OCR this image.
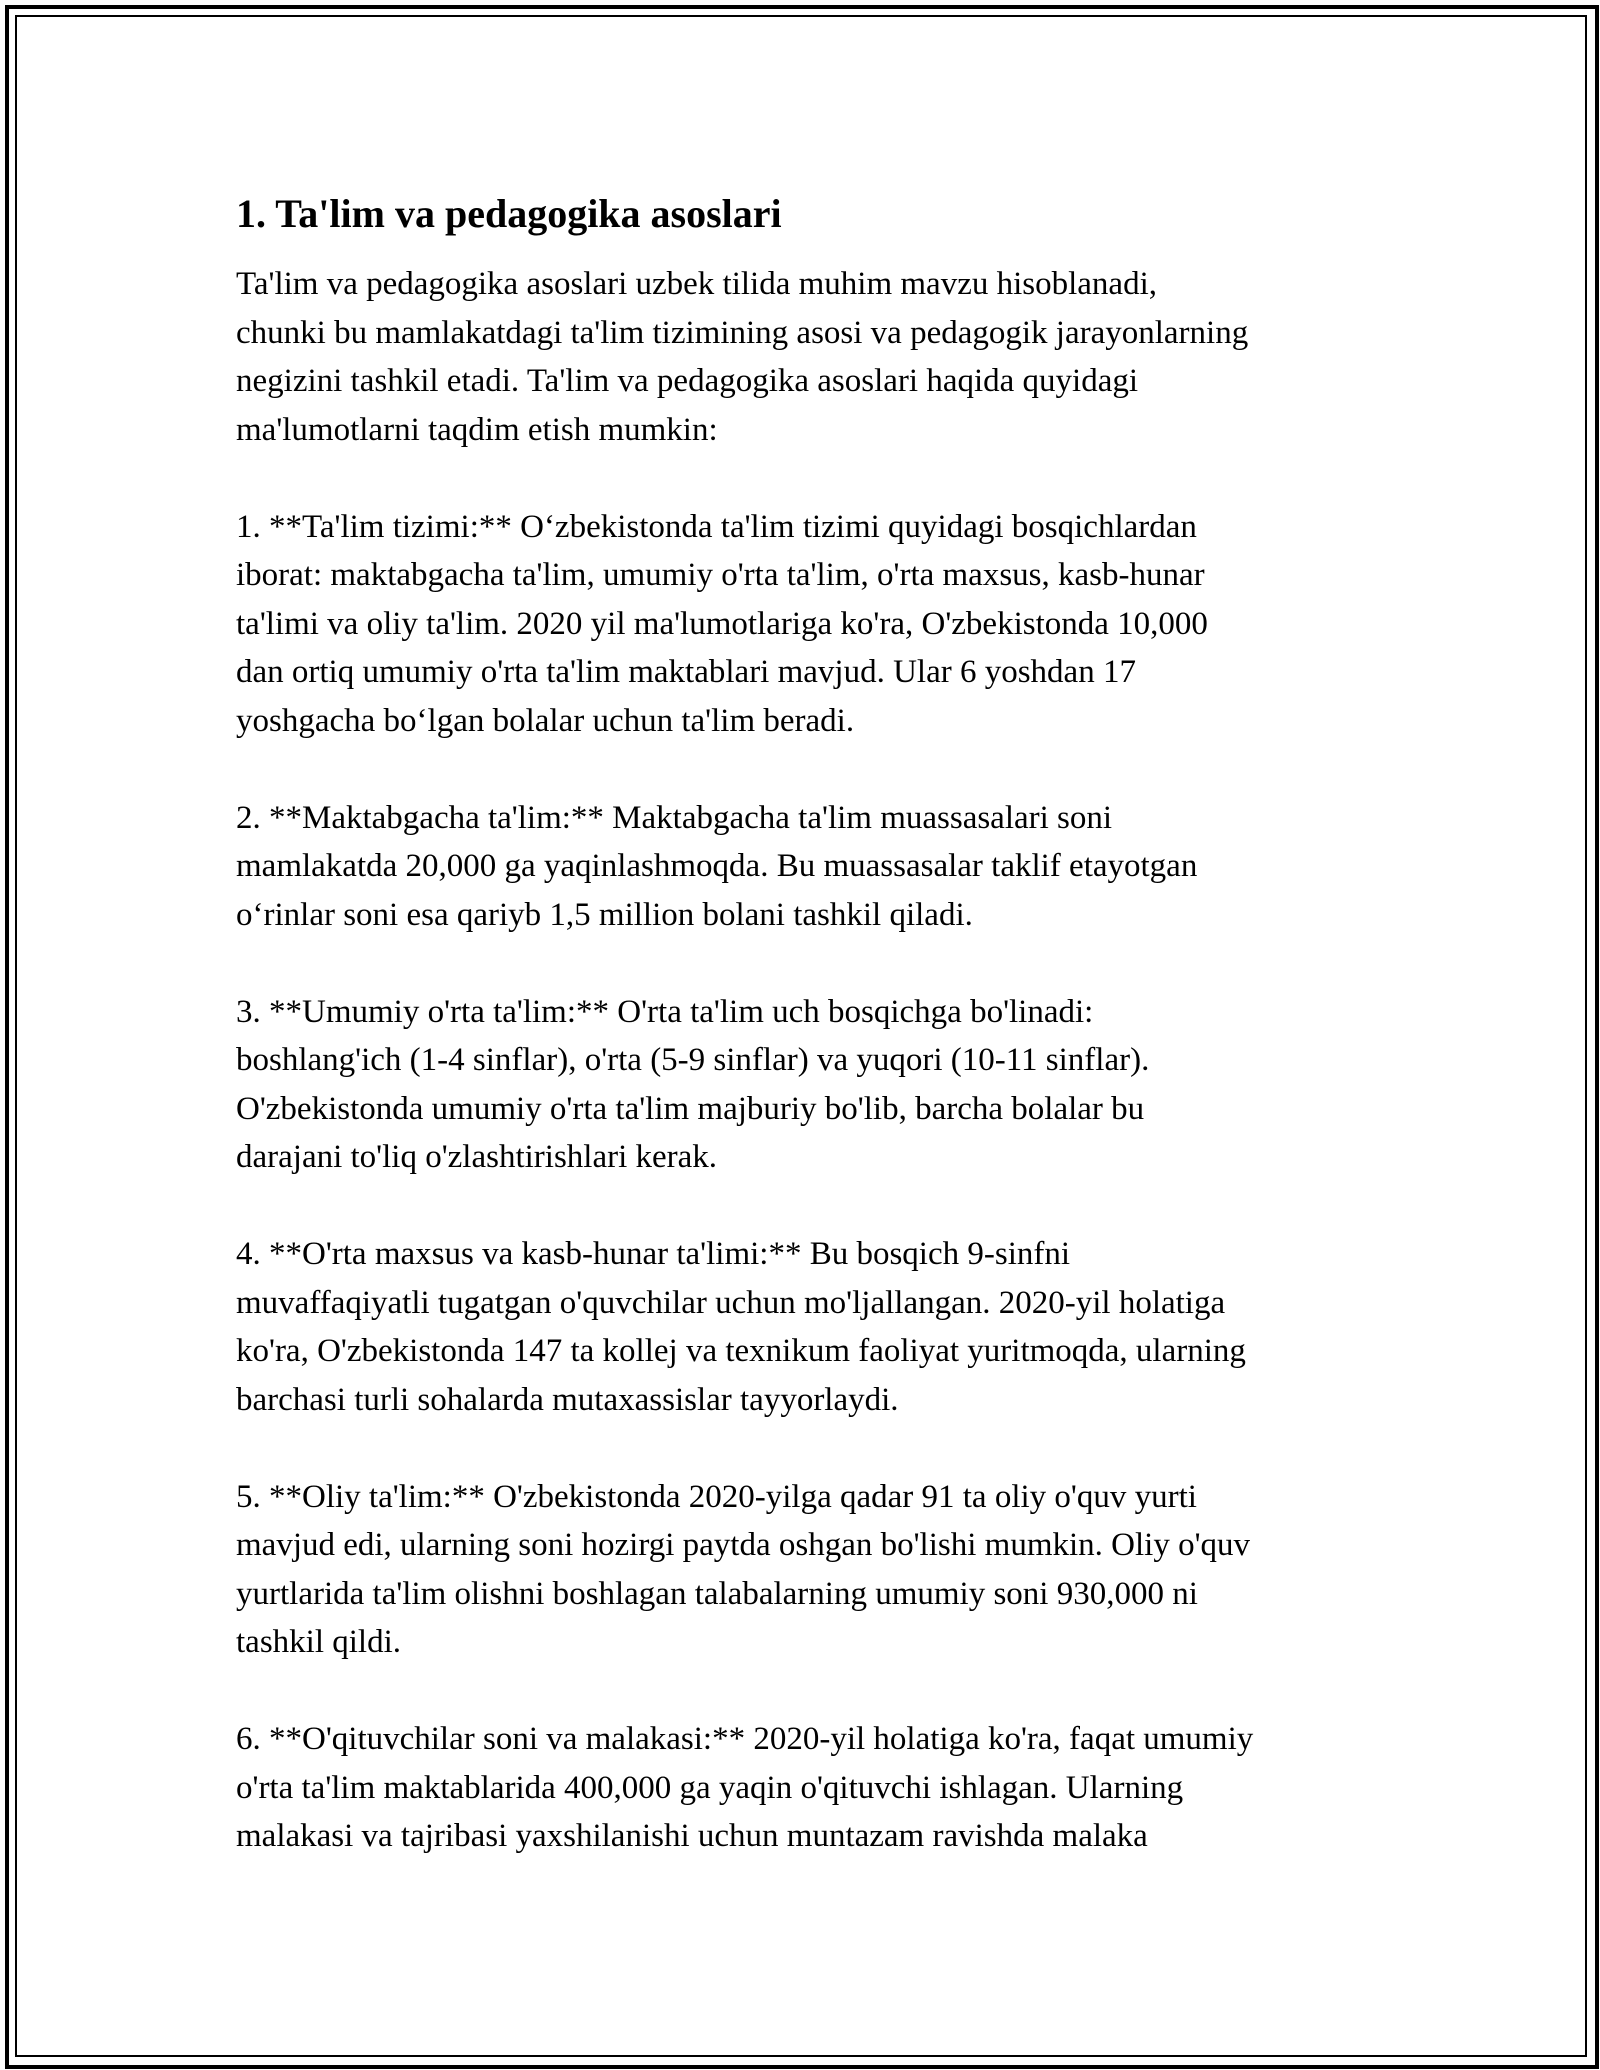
1. Ta'lim va pedagogika asoslari

Ta'lim va pedagogika asoslari uzbek tilida muhim mavzu hisoblanadi,
chunki bu mamlakatdagi ta'lim tizimining asosi va pedagogik jarayonlarning
negizini tashkil etadi. Ta'lim va pedagogika asoslari haqida quyidagi
ma'lumotlarni taqdim etish mumkin:

1. **Ta'lim tizimi:** O‘zbekistonda ta'lim tizimi quyidagi bosqichlardan
iborat: maktabgacha ta'lim, umumiy o'rta ta'lim, o'rta maxsus, kasb-hunar
ta'limi va oliy ta'lim. 2020 yil ma'lumotlariga ko'ra, O'zbekistonda 10,000
dan ortiq umumiy o'rta ta'lim maktablari mavjud. Ular 6 yoshdan 17
yoshgacha bo‘lgan bolalar uchun ta'lim beradi.

2. **Maktabgacha ta'lim:** Maktabgacha ta'lim muassasalari soni
mamlakatda 20,000 ga yaqinlashmoqda. Bu muassasalar taklif etayotgan
o‘rinlar soni esa qariyb 1,5 million bolani tashkil qiladi.

3. **Umumiy o'rta ta'lim:** O'rta ta'lim uch bosqichga bo'linadi:
boshlang'ich (1-4 sinflar), o'rta (5-9 sinflar) va yuqori (10-11 sinflar).
O'zbekistonda umumiy o'rta ta'lim majburiy bo'lib, barcha bolalar bu
darajani to'liq o'zlashtirishlari kerak.

4. **O'rta maxsus va kasb-hunar ta'limi:** Bu bosqich 9-sinfni
muvaffaqiyatli tugatgan o'quvchilar uchun mo'ljallangan. 2020-yil holatiga
ko'ra, O'zbekistonda 147 ta kollej va texnikum faoliyat yuritmoqda, ularning
barchasi turli sohalarda mutaxassislar tayyorlaydi.

5. **Oliy ta'lim:** O'zbekistonda 2020-yilga qadar 91 ta oliy o'quv yurti
mavjud edi, ularning soni hozirgi paytda oshgan bo'lishi mumkin. Oliy o'quv
yurtlarida ta'lim olishni boshlagan talabalarning umumiy soni 930,000 ni
tashkil qildi.

6. **O'qituvchilar soni va malakasi:** 2020-yil holatiga ko'ra, faqat umumiy
o'rta ta'lim maktablarida 400,000 ga yaqin o'qituvchi ishlagan. Ularning
malakasi va tajribasi yaxshilanishi uchun muntazam ravishda malaka
